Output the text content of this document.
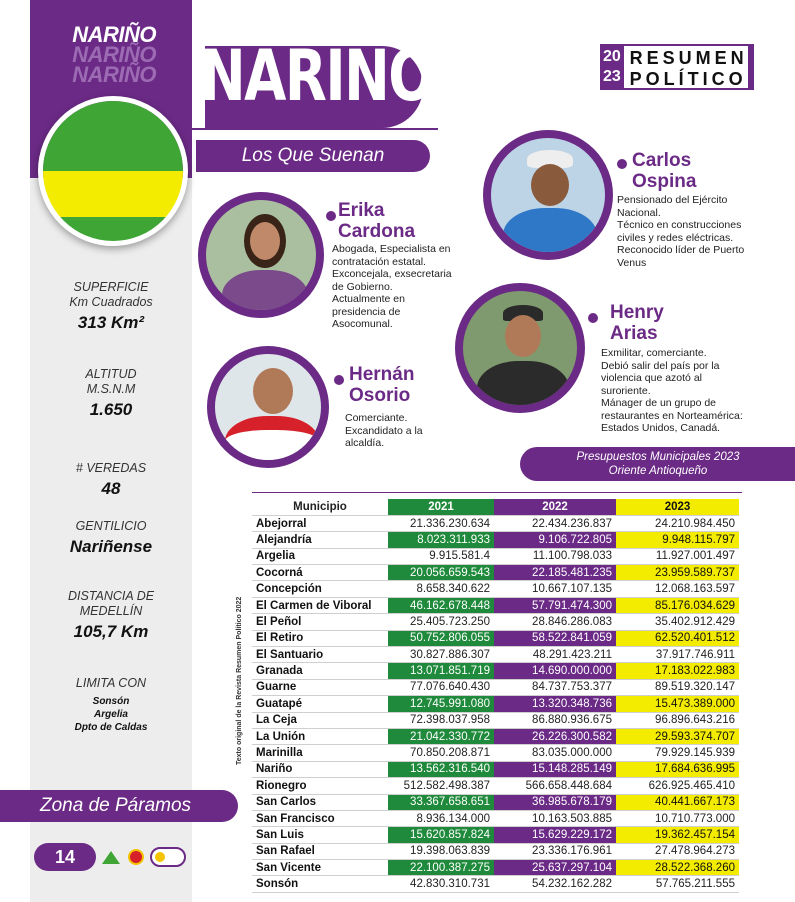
NARIÑO
NARIÑO
NARIÑO
SUPERFICIE
Km Cuadrados
313 Km²
ALTITUD
M.S.N.M
1.650
# VEREDAS
48
GENTILICIO
Nariñense
DISTANCIA DE
MEDELLÍN
105,7 Km
LIMITA CON
Sonsón
Argelia
Dpto de Caldas
Zona de Páramos
14
NARIÑO
Los Que Suenan
20
23
RESUMEN
POLÍTICO
Carlos
Ospina
Pensionado del Ejército
Nacional.
Técnico en construcciones
civiles y redes eléctricas.
Reconocido líder de Puerto
Venus
Erika
Cardona
Abogada, Especialista en
contratación estatal.
Exconcejala, exsecretaria
de Gobierno.
Actualmente en
presidencia de
Asocomunal.
Henry
Arias
Exmilitar, comerciante.
Debió salir del país por la
violencia que azotó al
suroriente.
Mánager de un grupo de
restaurantes en Norteamérica:
Estados Unidos, Canadá.
Hernán
Osorio
Comerciante.
Excandidato a la
alcaldía.
Presupuestos Municipales 2023
Oriente Antioqueño
Texto original de la Revista Resumen Político 2022
Municipio	2021	2022	2023
Abejorral	21.336.230.634	22.434.236.837	24.210.984.450
Alejandría	8.023.311.933	9.106.722.805	9.948.115.797
Argelia	9.915.581.4	11.100.798.033	11.927.001.497
Cocorná	20.056.659.543	22.185.481.235	23.959.589.737
Concepción	8.658.340.622	10.667.107.135	12.068.163.597
El Carmen de Viboral	46.162.678.448	57.791.474.300	85.176.034.629
El Peñol	25.405.723.250	28.846.286.083	35.402.912.429
El Retiro	50.752.806.055	58.522.841.059	62.520.401.512
El Santuario	30.827.886.307	48.291.423.211	37.917.746.911
Granada	13.071.851.719	14.690.000.000	17.183.022.983
Guarne	77.076.640.430	84.737.753.377	89.519.320.147
Guatapé	12.745.991.080	13.320.348.736	15.473.389.000
La Ceja	72.398.037.958	86.880.936.675	96.896.643.216
La Unión	21.042.330.772	26.226.300.582	29.593.374.707
Marinilla	70.850.208.871	83.035.000.000	79.929.145.939
Nariño	13.562.316.540	15.148.285.149	17.684.636.995
Rionegro	512.582.498.387	566.658.448.684	626.925.465.410
San Carlos	33.367.658.651	36.985.678.179	40.441.667.173
San Francisco	8.936.134.000	10.163.503.885	10.710.773.000
San Luis	15.620.857.824	15.629.229.172	19.362.457.154
San Rafael	19.398.063.839	23.336.176.961	27.478.964.273
San Vicente	22.100.387.275	25.637.297.104	28.522.368.260
Sonsón	42.830.310.731	54.232.162.282	57.765.211.555
